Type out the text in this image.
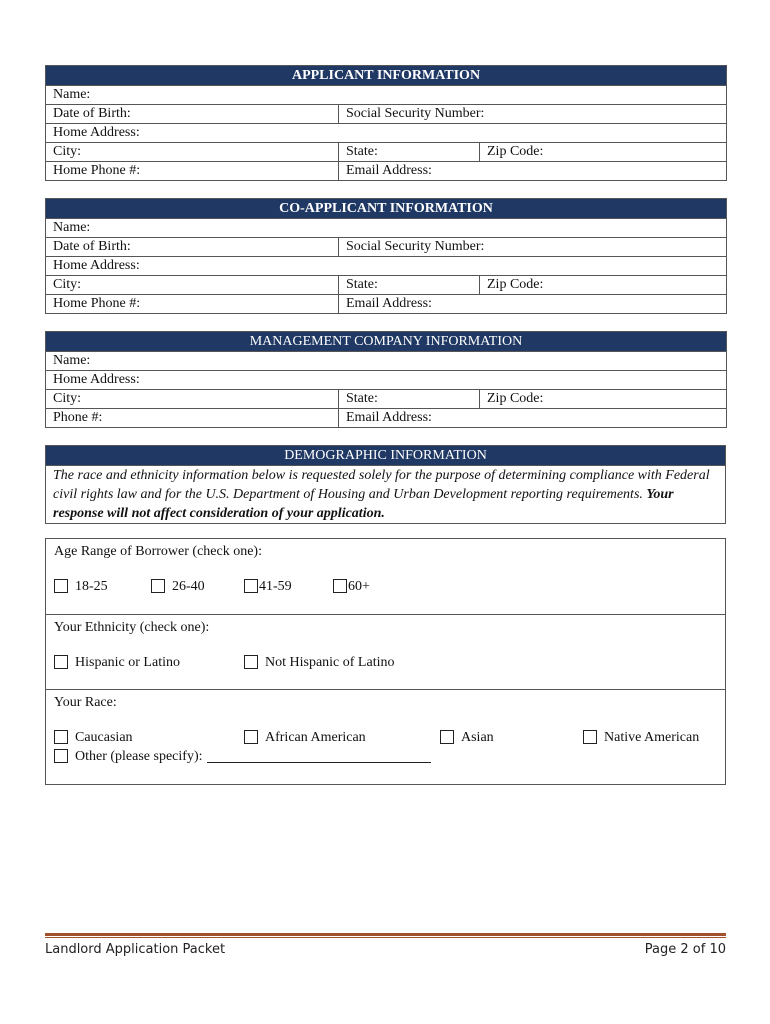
APPLICANT INFORMATION		
Name:		
Date of Birth:	Social Security Number:	
Home Address:		
City:	State:	Zip Code:
Home Phone #:	Email Address:	
CO-APPLICANT INFORMATION		
Name:		
Date of Birth:	Social Security Number:	
Home Address:		
City:	State:	Zip Code:
Home Phone #:	Email Address:	
MANAGEMENT COMPANY INFORMATION		
Name:		
Home Address:		
City:	State:	Zip Code:
Phone #:	Email Address:	
DEMOGRAPHIC INFORMATION
The race and ethnicity information below is requested solely for the purpose of determining compliance with Federal civil rights law and for the U.S. Department of Housing and Urban Development reporting requirements. Your response will not affect consideration of your application.
Age Range of Borrower (check one):
18-25	26-40	41-59	60+
Your Ethnicity (check one):
Hispanic or Latino	Not Hispanic of Latino
Your Race:
Caucasian	African American	Asian	Native American
Other (please specify):
Landlord Application Packet	Page 2 of 10
